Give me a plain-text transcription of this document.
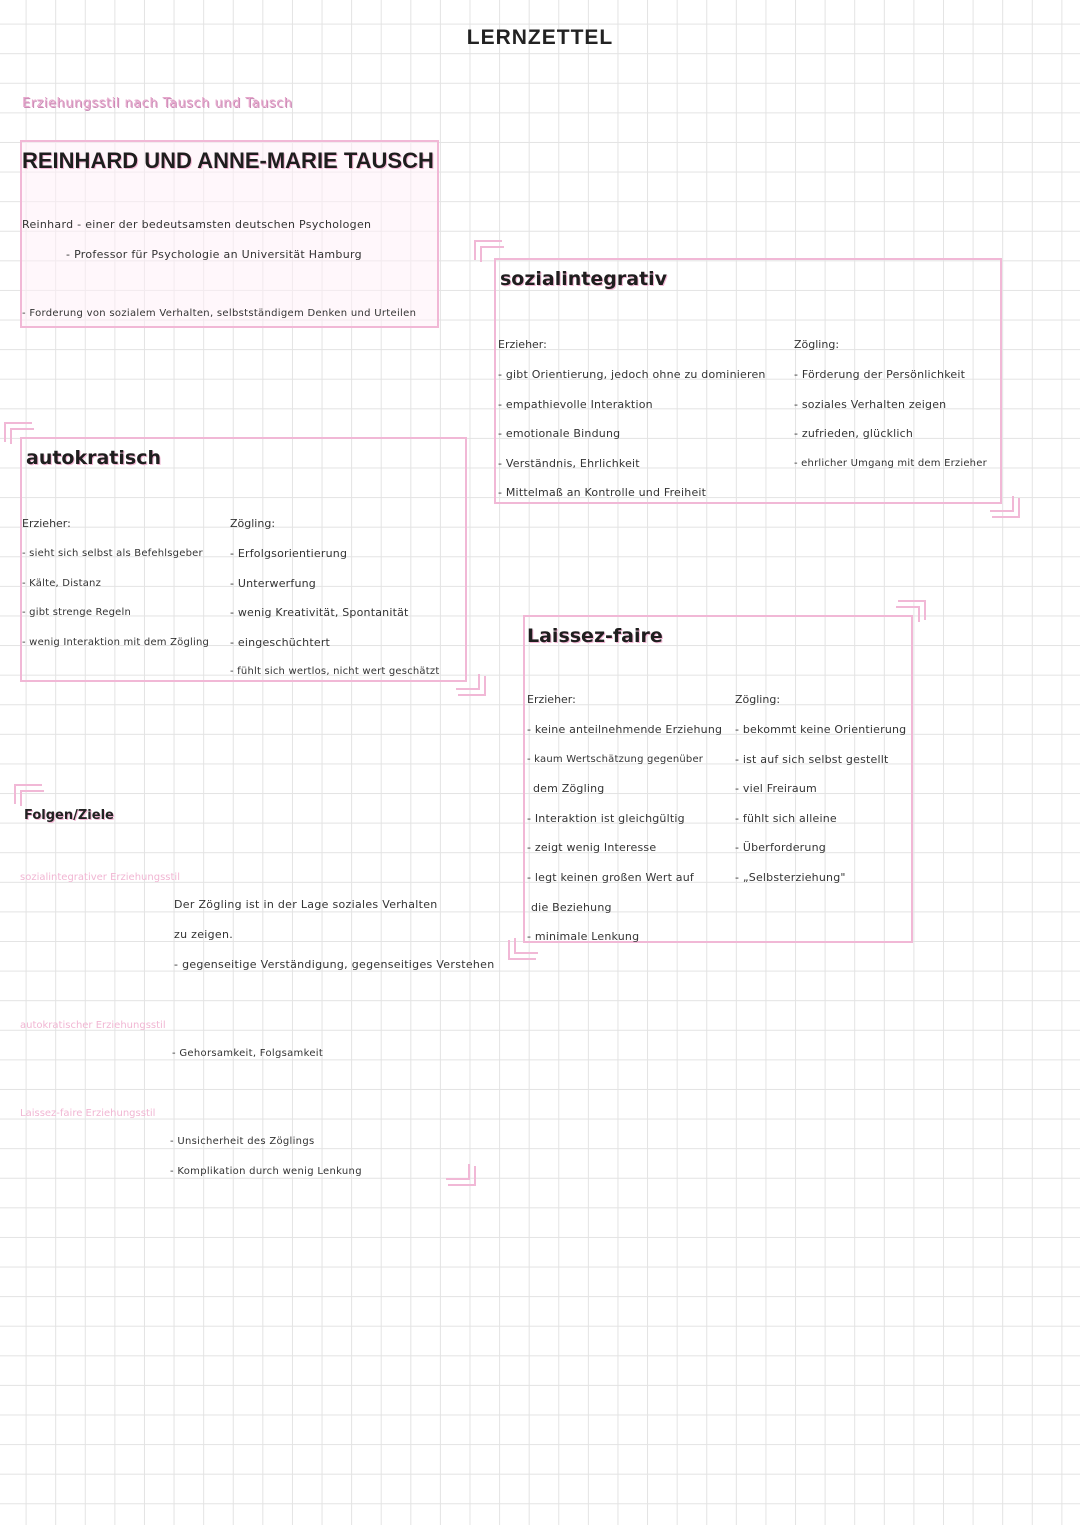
LERNZETTEL
Erziehungsstil nach Tausch und Tausch
REINHARD UND ANNE-MARIE TAUSCH
Reinhard - einer der bedeutsamsten deutschen Psychologen
- Professor für Psychologie an Universität Hamburg
- Forderung von sozialem Verhalten, selbstständigem Denken und Urteilen
sozialintegrativ
Erzieher:
- gibt Orientierung, jedoch ohne zu dominieren
- empathievolle Interaktion
- emotionale Bindung
- Verständnis, Ehrlichkeit
- Mittelmaß an Kontrolle und Freiheit
Zögling:
- Förderung der Persönlichkeit
- soziales Verhalten zeigen
- zufrieden, glücklich
- ehrlicher Umgang mit dem Erzieher
autokratisch
Erzieher:
- sieht sich selbst als Befehlsgeber
- Kälte, Distanz
- gibt strenge Regeln
- wenig Interaktion mit dem Zögling
Zögling:
- Erfolgsorientierung
- Unterwerfung
- wenig Kreativität, Spontanität
- eingeschüchtert
- fühlt sich wertlos, nicht wert geschätzt
Laissez-faire
Erzieher:
- keine anteilnehmende Erziehung
- kaum Wertschätzung gegenüber
dem Zögling
- Interaktion ist gleichgültig
- zeigt wenig Interesse
- legt keinen großen Wert auf
die Beziehung
- minimale Lenkung
Zögling:
- bekommt keine Orientierung
- ist auf sich selbst gestellt
- viel Freiraum
- fühlt sich alleine
- Überforderung
- „Selbsterziehung"
Folgen/Ziele
sozialintegrativer Erziehungsstil
Der Zögling ist in der Lage soziales Verhalten
zu zeigen.
- gegenseitige Verständigung, gegenseitiges Verstehen
autokratischer Erziehungsstil
- Gehorsamkeit, Folgsamkeit
Laissez-faire Erziehungsstil
- Unsicherheit des Zöglings
- Komplikation durch wenig Lenkung
